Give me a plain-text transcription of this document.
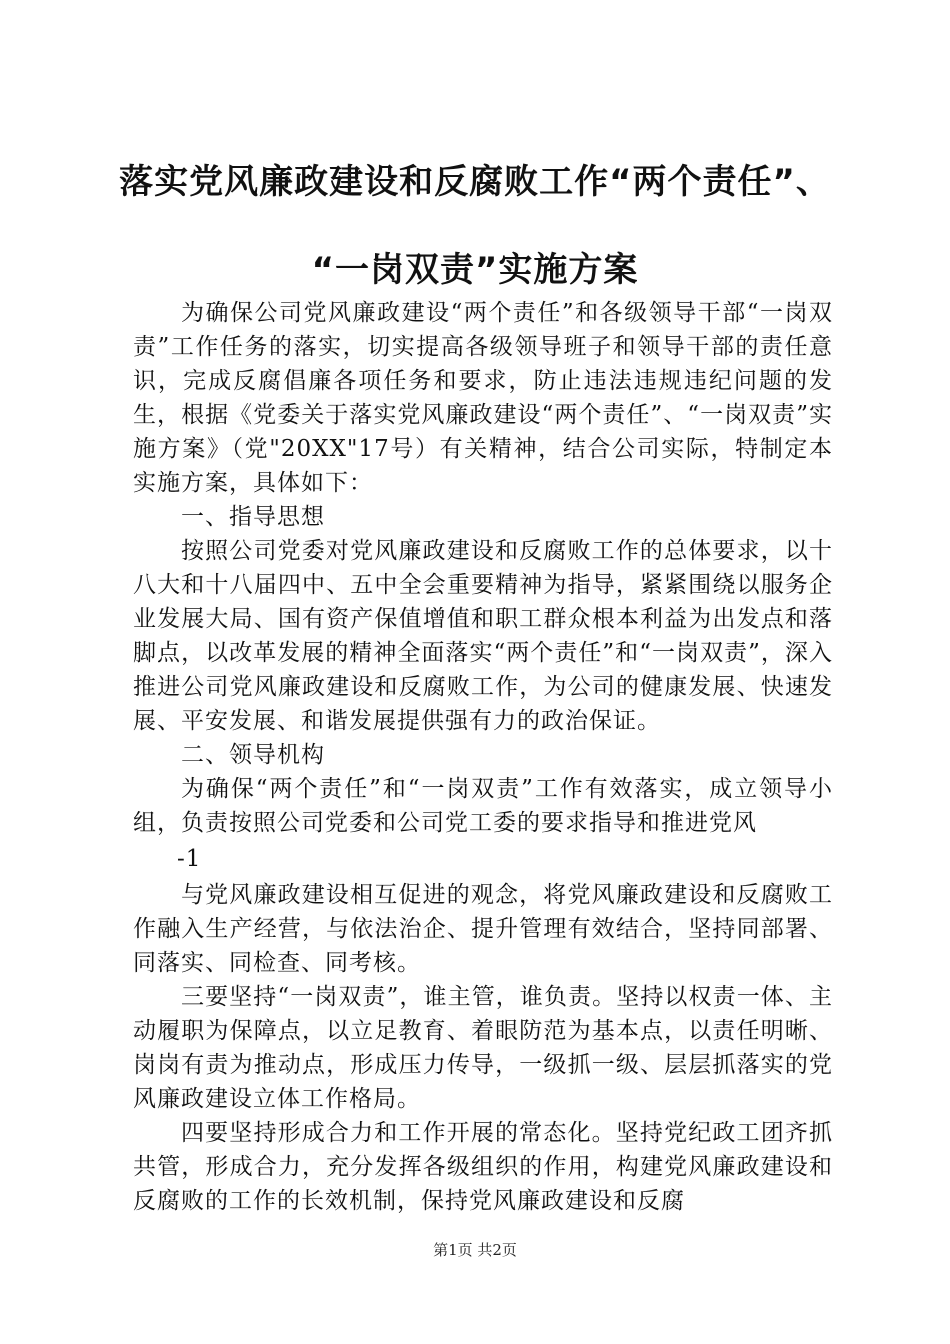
落实党风廉政建设和反腐败工作“两个责任”、
“一岗双责”实施方案

为确保公司党风廉政建设“两个责任”和各级领导干部“一岗双责”工作任务的落实，切实提高各级领导班子和领导干部的责任意识，完成反腐倡廉各项任务和要求，防止违法违规违纪问题的发生，根据《党委关于落实党风廉政建设“两个责任”、“一岗双责”实施方案》（党"20XX"17号）有关精神，结合公司实际，特制定本实施方案，具体如下：

一、指导思想

按照公司党委对党风廉政建设和反腐败工作的总体要求，以十八大和十八届四中、五中全会重要精神为指导，紧紧围绕以服务企业发展大局、国有资产保值增值和职工群众根本利益为出发点和落脚点，以改革发展的精神全面落实“两个责任”和“一岗双责”，深入推进公司党风廉政建设和反腐败工作，为公司的健康发展、快速发展、平安发展、和谐发展提供强有力的政治保证。

二、领导机构

为确保“两个责任”和“一岗双责”工作有效落实，成立领导小组，负责按照公司党委和公司党工委的要求指导和推进党风

-1

与党风廉政建设相互促进的观念，将党风廉政建设和反腐败工作融入生产经营，与依法治企、提升管理有效结合，坚持同部署、同落实、同检查、同考核。

三要坚持“一岗双责”，谁主管，谁负责。坚持以权责一体、主动履职为保障点，以立足教育、着眼防范为基本点，以责任明晰、岗岗有责为推动点，形成压力传导，一级抓一级、层层抓落实的党风廉政建设立体工作格局。

四要坚持形成合力和工作开展的常态化。坚持党纪政工团齐抓共管，形成合力，充分发挥各级组织的作用，构建党风廉政建设和反腐败的工作的长效机制，保持党风廉政建设和反腐

第1页 共2页
